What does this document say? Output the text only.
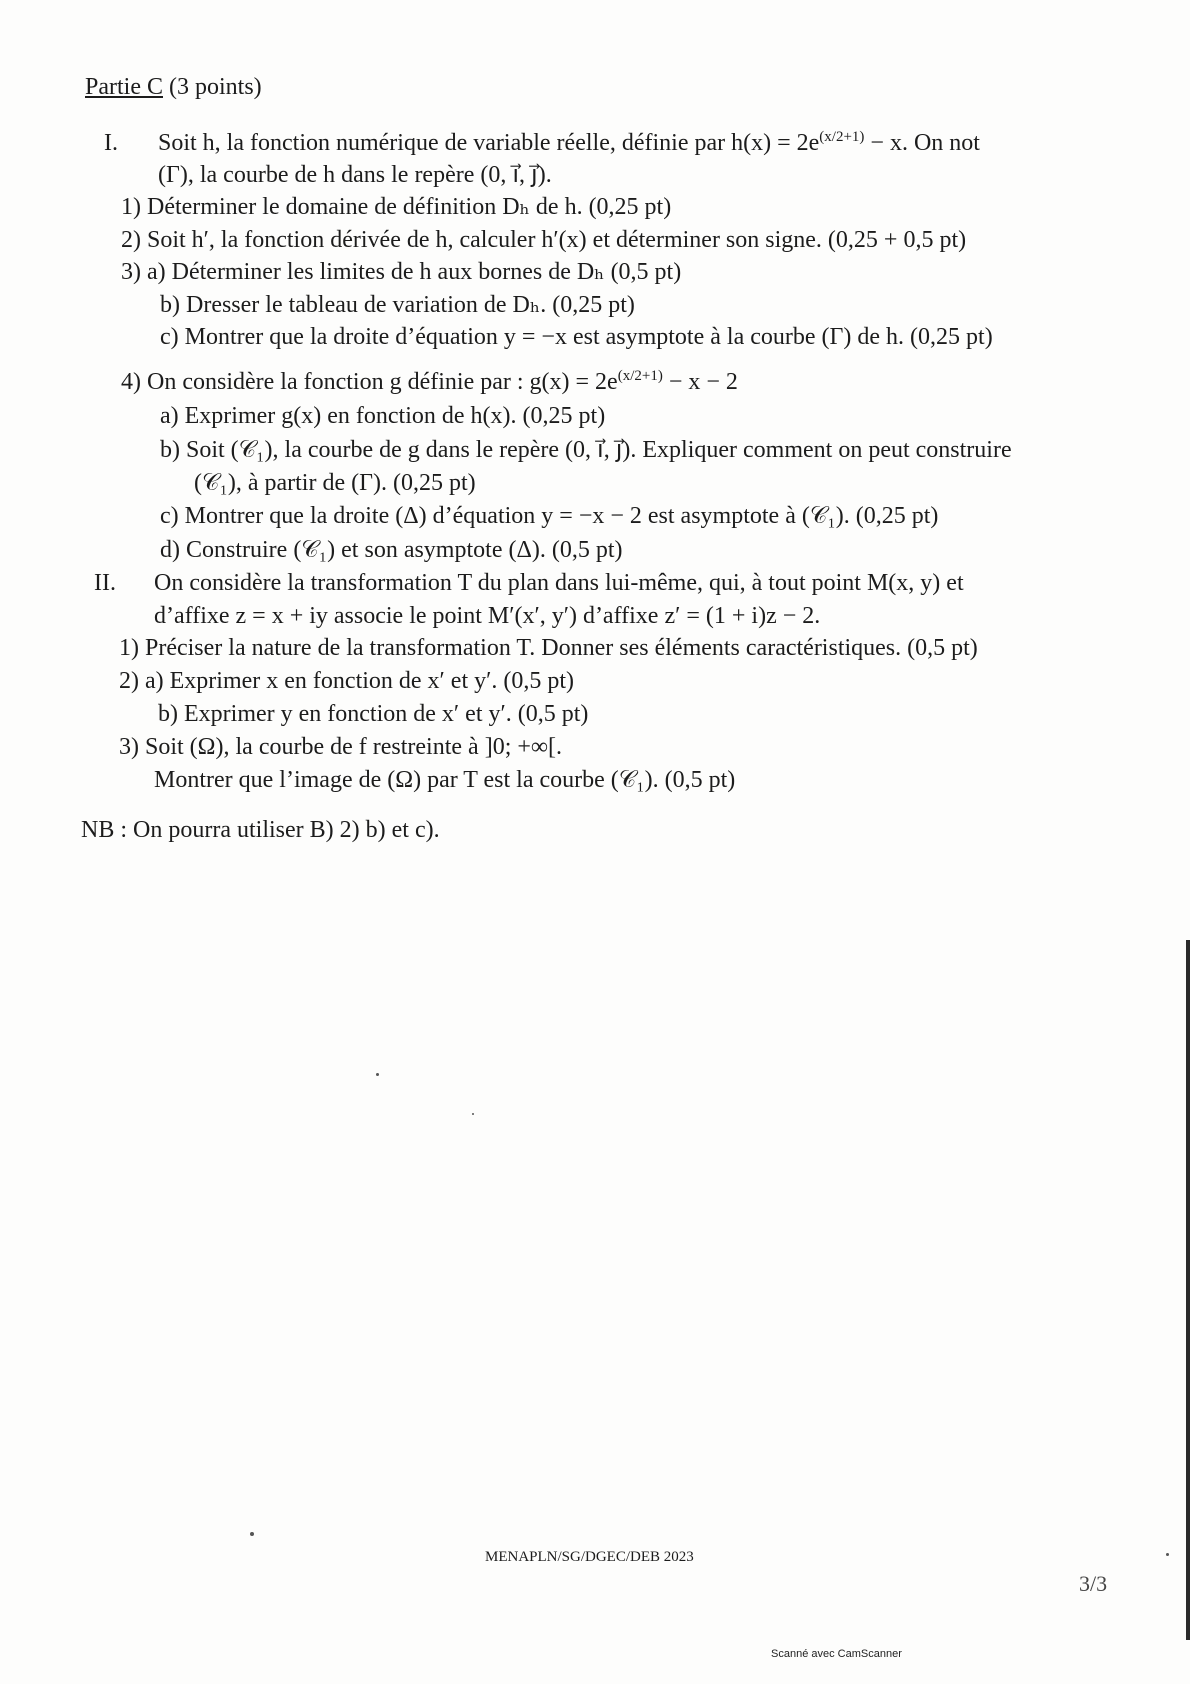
Partie C (3 points)
I. Soit h, la fonction numérique de variable réelle, définie par $h(x) = 2e^{(x/2+1)} - x$. On not
(Γ), la courbe de h dans le repère (0, i⃗, j⃗).
1) Déterminer le domaine de définition Dₕ de h. (0,25 pt)
2) Soit h′, la fonction dérivée de h, calculer h′(x) et déterminer son signe. (0,25 + 0,5 pt)
3) a) Déterminer les limites de h aux bornes de Dₕ (0,5 pt)
b) Dresser le tableau de variation de Dₕ. (0,25 pt)
c) Montrer que la droite d’équation y = −x est asymptote à la courbe (Γ) de h. (0,25 pt)
4) On considère la fonction g définie par : $g(x) = 2e^{(x/2+1)} - x - 2$
a) Exprimer g(x) en fonction de h(x). (0,25 pt)
b) Soit (𝒞₁), la courbe de g dans le repère (0, i⃗, j⃗). Expliquer comment on peut construire
(𝒞₁), à partir de (Γ). (0,25 pt)
c) Montrer que la droite (Δ) d’équation y = −x − 2 est asymptote à (𝒞₁). (0,25 pt)
d) Construire (𝒞₁) et son asymptote (Δ). (0,5 pt)
II. On considère la transformation T du plan dans lui-même, qui, à tout point M(x, y) et
d’affixe z = x + iy associe le point M′(x′, y′) d’affixe z′ = (1 + i)z − 2.
1) Préciser la nature de la transformation T. Donner ses éléments caractéristiques. (0,5 pt)
2) a) Exprimer x en fonction de x′ et y′. (0,5 pt)
b) Exprimer y en fonction de x′ et y′. (0,5 pt)
3) Soit (Ω), la courbe de f restreinte à ]0; +∞[.
Montrer que l’image de (Ω) par T est la courbe (𝒞₁). (0,5 pt)
NB : On pourra utiliser B) 2) b) et c).
MENAPLN/SG/DGEC/DEB 2023
3/3
Scanné avec CamScanner
